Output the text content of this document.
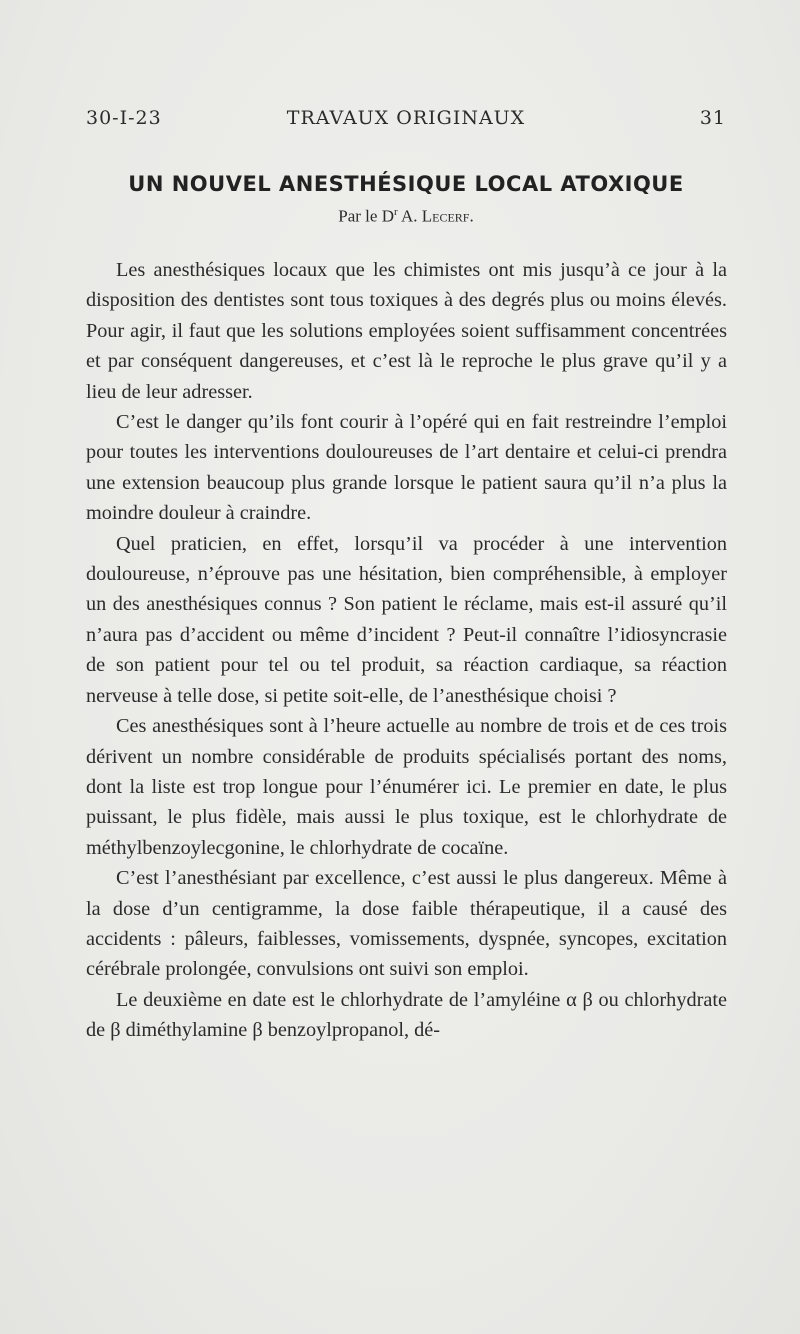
30-I-23	TRAVAUX ORIGINAUX	31
UN NOUVEL ANESTHÉSIQUE LOCAL ATOXIQUE
Par le $D^r$ A. Lecerf.

Les anesthésiques locaux que les chimistes ont mis jusqu’à ce jour à la disposition des dentistes sont tous toxiques à des degrés plus ou moins élevés. Pour agir, il faut que les solutions employées soient suffisamment concentrées et par conséquent dangereuses, et c’est là le reproche le plus grave qu’il y a lieu de leur adresser.

C’est le danger qu’ils font courir à l’opéré qui en fait restreindre l’emploi pour toutes les interventions douloureuses de l’art dentaire et celui-ci prendra une extension beaucoup plus grande lorsque le patient saura qu’il n’a plus la moindre douleur à craindre.

Quel praticien, en effet, lorsqu’il va procéder à une intervention douloureuse, n’éprouve pas une hésitation, bien compréhensible, à employer un des anesthésiques connus ? Son patient le réclame, mais est-il assuré qu’il n’aura pas d’accident ou même d’incident ? Peut-il connaître l’idiosyncrasie de son patient pour tel ou tel produit, sa réaction cardiaque, sa réaction nerveuse à telle dose, si petite soit-elle, de l’anesthésique choisi ?

Ces anesthésiques sont à l’heure actuelle au nombre de trois et de ces trois dérivent un nombre considérable de produits spécialisés portant des noms, dont la liste est trop longue pour l’énumérer ici. Le premier en date, le plus puissant, le plus fidèle, mais aussi le plus toxique, est le chlorhydrate de méthylbenzoylecgonine, le chlorhydrate de cocaïne.

C’est l’anesthésiant par excellence, c’est aussi le plus dangereux. Même à la dose d’un centigramme, la dose faible thérapeutique, il a causé des accidents : pâleurs, faiblesses, vomissements, dyspnée, syncopes, excitation cérébrale prolongée, convulsions ont suivi son emploi.

Le deuxième en date est le chlorhydrate de l’amyléine α β ou chlorhydrate de β diméthylamine β benzoylpropanol, dé-
